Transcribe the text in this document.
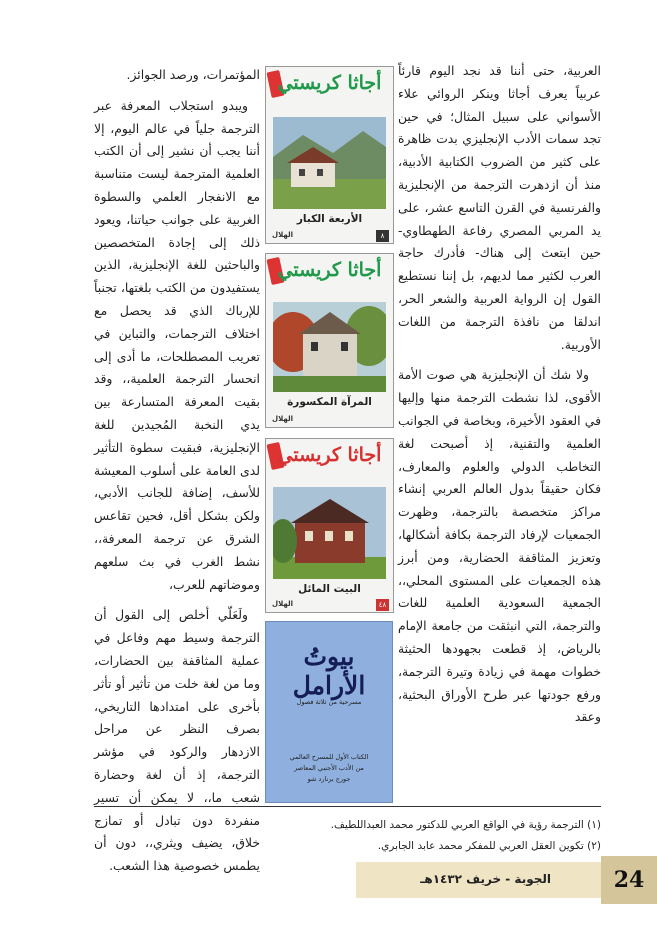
العربية، حتى أننا قد نجد اليوم قارئاً عربياً يعرف أجاثا وينكر الروائي علاء الأسواني على سبيل المثال؛ في حين تجد سمات الأدب الإنجليزي بدت ظاهرة على كثير من الضروب الكتابية الأدبية، منذ أن ازدهرت الترجمة من الإنجليزية والفرنسية في القرن التاسع عشر، على يد المربي المصري رفاعة الطهطاوي- حين ابتعث إلى هناك- فأدرك حاجة العرب لكثير مما لديهم، بل إننا نستطيع القول إن الرواية العربية والشعر الحر، اندلقا من نافذة الترجمة من اللغات الأوربية.

ولا شك أن الإنجليزية هي صوت الأمة الأقوى، لذا نشطت الترجمة منها وإليها في العقود الأخيرة، وبخاصة في الجوانب العلمية والتقنية، إذ أصبحت لغة التخاطب الدولي والعلوم والمعارف، فكان حقيقاً بدول العالم العربي إنشاء مراكز متخصصة بالترجمة، وظهرت الجمعيات لإرفاد الترجمة بكافة أشكالها، وتعزيز المثاقفة الحضارية، ومن أبرز هذه الجمعيات على المستوى المحلي،، الجمعية السعودية العلمية للغات والترجمة، التي انبثقت من جامعة الإمام بالرياض، إذ قطعت بجهودها الحثيثة خطوات مهمة في زيادة وتيرة الترجمة، ورفع جودتها عبر طرح الأوراق البحثية، وعقد

المؤتمرات، ورصد الجوائز.

ويبدو استجلاب المعرفة عبر الترجمة جلياً في عالم اليوم، إلا أننا يجب أن نشير إلى أن الكتب العلمية المترجمة ليست متناسبة مع الانفجار العلمي والسطوة الغربية على جوانب حياتنا، ويعود ذلك إلى إجادة المتخصصين والباحثين للغة الإنجليزية، الذين يستفيدون من الكتب بلغتها، تجنباً للإرباك الذي قد يحصل مع اختلاف الترجمات، والتباين في تعريب المصطلحات، ما أدى إلى انحسار الترجمة العلمية،، وقد بقيت المعرفة المتسارعة بين يدي النخبة المُجيدين للغة الإنجليزية، فبقيت سطوة التأثير لدى العامة على أسلوب المعيشة للأسف، إضافة للجانب الأدبي، ولكن بشكل أقل، فحين تقاعس الشرق عن ترجمة المعرفة،، نشط الغرب في بث سلعهم وموضاتهم للعرب،

ولَعَلّي أخلص إلى القول أن الترجمة وسيط مهم وفاعل في عملية المثاقفة بين الحضارات، وما من لغة خلت من تأثير أو تأثر بأخرى على امتدادها التاريخي، بصرف النظر عن مراحل الازدهار والركود في مؤشر الترجمة، إذ أن لغة وحضارة شعب ما،، لا يمكن أن تسير منفردة دون تبادل أو تمازج خلاق، يضيف ويثري،، دون أن يطمس خصوصية هذا الشعب.

أجاثا كريستي
الأربعة الكبار
الهلال	٨
أجاثا كريستي
المرآة المكسورة
الهلال
أجاثا كريستي
البيت المائل
الهلال	٤٨
بيوتُ الأرامل
مسرحية من ثلاثة فصول
الكتاب الأول للمسرح العالمي
من الأدب الأجنبي المعاصر
جورج برنارد شو
(١) الترجمة رؤية في الواقع العربي للدكتور محمد العبداللطيف.
(٢) تكوين العقل العربي للمفكر محمد عابد الجابري.
الجوبة - خريف ١٤٣٢هـ	24
